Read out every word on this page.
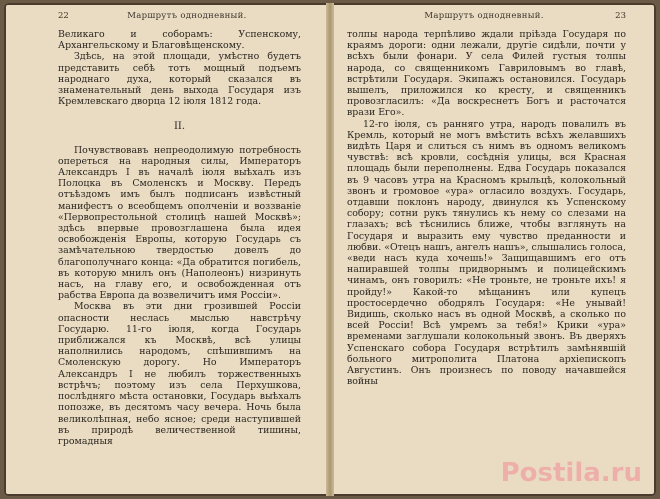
22	Маршрутъ однодневный.

Великаго и соборамъ: Успенскому, Архангельскому и Благовѣщенскому.

Здѣсь, на этой площади, умѣстно будетъ представить себѣ тотъ мощный подъемъ народнаго духа, который сказался въ знаменательный день выхода Государя изъ Кремлевскаго дворца 12 іюля 1812 года.

II.

Почувствовавъ непреодолимую потребность опереться на народныя силы, Императоръ Александръ I въ началѣ іюля выѣхалъ изъ Полоцка въ Смоленскъ и Москву. Передъ отъѣздомъ имъ былъ подписанъ извѣстный манифестъ о всеобщемъ ополченіи и воззваніе «Первопрестольной столицѣ нашей Москвѣ»; здѣсь впервые провозглашена была идея освобожденія Европы, которую Государь съ замѣчательною твердостью довелъ до благополучнаго конца: «Да обратится погибель, въ которую мнилъ онъ (Наполеонъ) низринуть насъ, на главу его, и освобожденная отъ рабства Европа да возвеличитъ имя Россіи».

Москва въ эти дни грозившей Россіи опасности неслась мыслью навстрѣчу Государю. 11-го іюля, когда Государь приближался къ Москвѣ, всѣ улицы наполнились народомъ, спѣшившимъ на Смоленскую дорогу. Но Императоръ Александръ I не любилъ торжественныхъ встрѣчъ; поэтому изъ села Перхушкова, послѣдняго мѣста остановки, Государь выѣхалъ попозже, въ десятомъ часу вечера. Ночь была великолѣпная, небо ясное; среди наступившей въ природѣ величественной тишины, громадныя

Маршрутъ однодневный.	23

толпы народа терпѣливо ждали пріѣзда Государя по краямъ дороги: одни лежали, другіе сидѣли, почти у всѣхъ были фонари. У села Филей густыя толпы народа, со священникомъ Гавриловымъ во главѣ, встрѣтили Государя. Экипажъ остановился. Государь вышелъ, приложился ко кресту, и священникъ провозгласилъ: «Да воскреснетъ Богъ и расточатся врази Его».

12-го іюля, съ ранняго утра, народъ повалилъ въ Кремль, который не могъ вмѣстить всѣхъ желавшихъ видѣть Царя и слиться съ нимъ въ одномъ великомъ чувствѣ: всѣ кровли, сосѣднія улицы, вся Красная площадь были переполнены. Едва Государь показался въ 9 часовъ утра на Красномъ крыльцѣ, колокольный звонъ и громовое «ура» огласило воздухъ. Государь, отдавши поклонъ народу, двинулся къ Успенскому собору; сотни рукъ тянулись къ нему со слезами на глазахъ; всѣ тѣснились ближе, чтобы взглянуть на Государя и выразить ему чувство преданности и любви. «Отецъ нашъ, ангелъ нашъ», слышались голоса, «веди насъ куда хочешь!» Защищавшимъ его отъ напиравшей толпы придворнымъ и полицейскимъ чинамъ, онъ говорилъ: «Не троньте, не троньте ихъ! я пройду!» Какой-то мѣщанинъ или купецъ простосердечно ободрялъ Государя: «Не унывай! Видишь, сколько насъ въ одной Москвѣ, а сколько по всей Россіи! Всѣ умремъ за тебя!» Крики «ура» временами заглушали колокольный звонъ. Въ дверяхъ Успенскаго собора Государя встрѣтилъ замѣнявшій больного митрополита Платона архіепископъ Августинъ. Онъ произнесъ по поводу начавшейся войны

Postila.ru
